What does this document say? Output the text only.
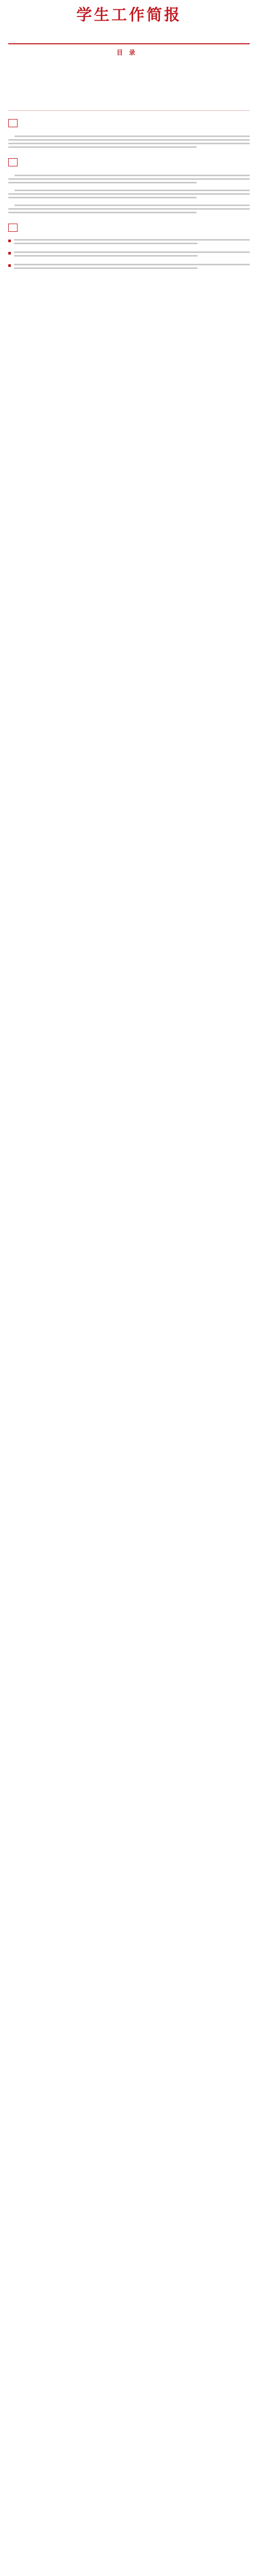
学生工作简报
目录
